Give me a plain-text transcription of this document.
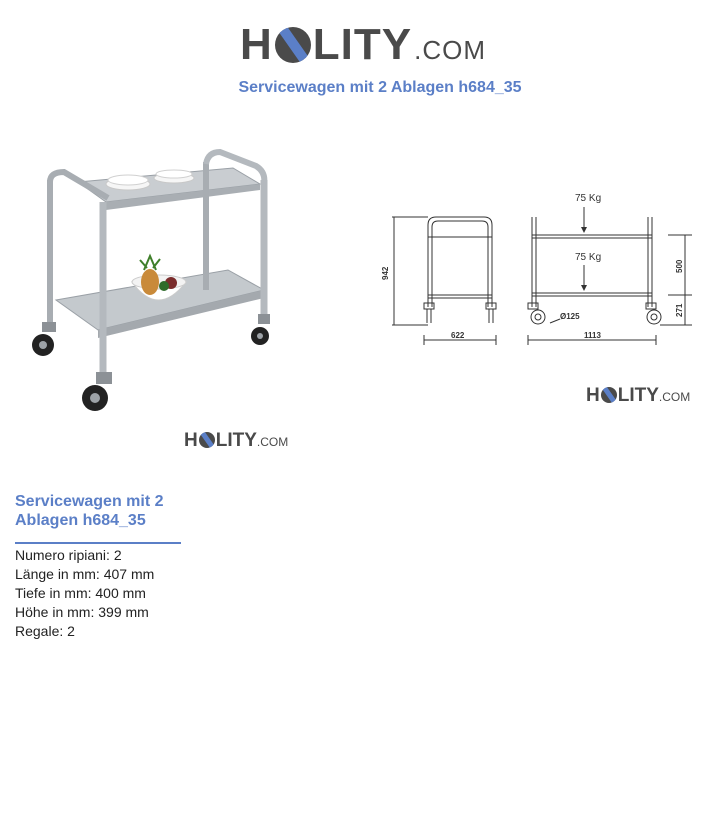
H LITY .COM
Servicewagen mit 2 Ablagen h684_35
H LITY .COM
75 Kg
75 Kg
942
500
271
Ø125
622	1113
H LITY .COM
Servicewagen mit 2 Ablagen h684_35
Numero ripiani: 2
Länge in mm: 407 mm
Tiefe in mm: 400 mm
Höhe in mm: 399 mm
Regale: 2
